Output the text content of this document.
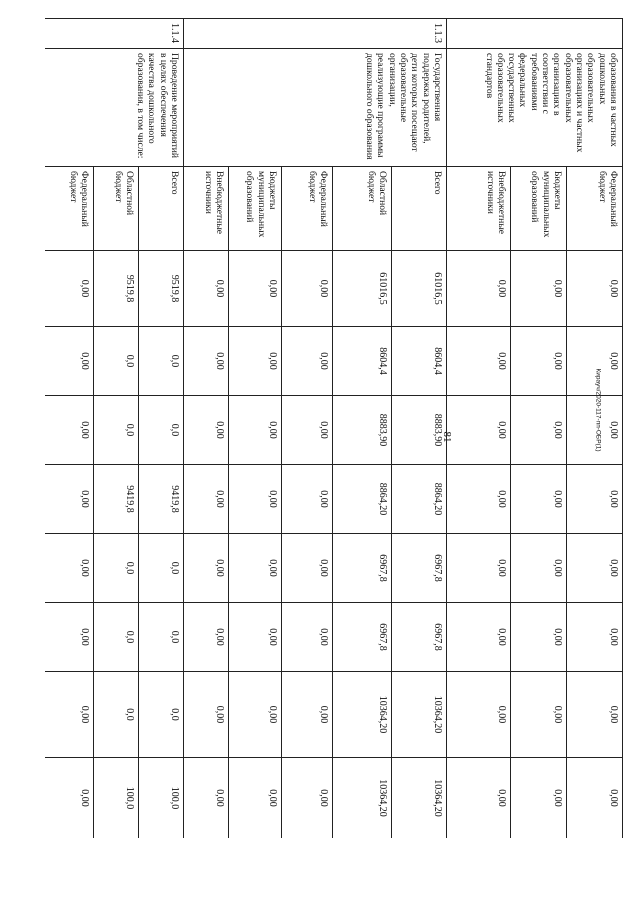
81	Кирауч/2020-117-пп-ОБР(1)
	образования в частных дошкольных образовательных организациях и частных образовательных организациях в соответствии с требованиями федеральных государственных образовательных стандартов	Федеральный бюджет	0,00	0,00	0,00	0,00	0,00	0,00	0,00	0,00
		Бюджеты муниципальных образований	0,00	0,00	0,00	0,00	0,00	0,00	0,00	0,00
		Внебюджетные источники	0,00	0,00	0,00	0,00	0,00	0,00	0,00	0,00
1.1.3	Государственная поддержка родителей, дети которых посещают образовательные организации, реализующие программы дошкольного образования	Всего	61016,5	8604,4	8883,90	8864,20	6967,8	6967,8	10364,20	10364,20
		Областной бюджет	61016,5	8604,4	8883,90	8864,20	6967,8	6967,8	10364,20	10364,20
		Федеральный бюджет	0,00	0,00	0,00	0,00	0,00	0,00	0,00	0,00
		Бюджеты муниципальных образований	0,00	0,00	0,00	0,00	0,00	0,00	0,00	0,00
		Внебюджетные источники	0,00	0,00	0,00	0,00	0,00	0,00	0,00	0,00
1.1.4	Проведение мероприятий в целях обеспечения качества дошкольного образования, в том числе:	Всего	9519,8	0,0	0,0	9419,8	0,0	0,0	0,0	100,0
		Областной бюджет	9519,8	0,0	0,0	9419,8	0,0	0,0	0,0	100,0
		Федеральный бюджет	0,00	0,00	0,00	0,00	0,00	0,00	0,00	0,00
